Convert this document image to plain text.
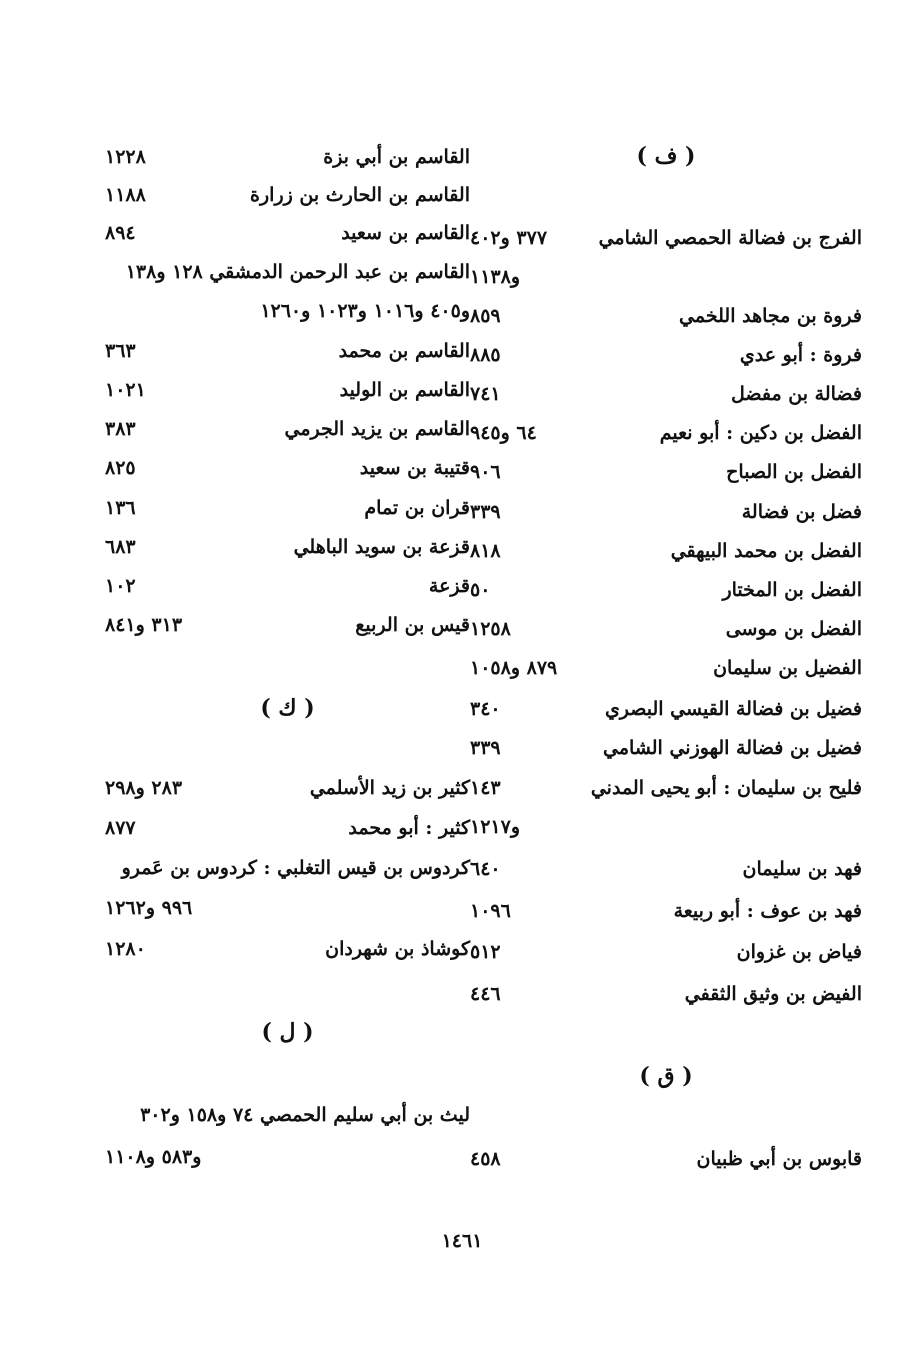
( ف )
الفرج بن فضالة الحمصي الشامي
٣٧٧ و٤٠٢
و١١٣٨
فروة بن مجاهد اللخمي
٨٥٩
فروة : أبو عدي
٨٨٥
فضالة بن مفضل
٧٤١
الفضل بن دكين : أبو نعيم
٦٤ و٩٤٥
الفضل بن الصباح
٩٠٦
فضل بن فضالة
٣٣٩
الفضل بن محمد البيهقي
٨١٨
الفضل بن المختار
٥٠
الفضل بن موسى
١٢٥٨
الفضيل بن سليمان
٨٧٩ و١٠٥٨
فضيل بن فضالة القيسي البصري
٣٤٠
فضيل بن فضالة الهوزني الشامي
٣٣٩
فليح بن سليمان : أبو يحيى المدني
١٤٣
و١٢١٧
فهد بن سليمان
٦٤٠
فهد بن عوف : أبو ربيعة
١٠٩٦
فياض بن غزوان
٥١٢
الفيض بن وثيق الثقفي
٤٤٦
( ق )
قابوس بن أبي ظبيان
٤٥٨
القاسم بن أبي بزة
١٢٢٨
القاسم بن الحارث بن زرارة
١١٨٨
القاسم بن سعيد
٨٩٤
القاسم بن عبد الرحمن الدمشقي ١٢٨ و١٣٨
و٤٠٥ و١٠١٦ و١٠٢٣ و١٢٦٠
القاسم بن محمد
٣٦٣
القاسم بن الوليد
١٠٢١
القاسم بن يزيد الجرمي
٣٨٣
قتيبة بن سعيد
٨٢٥
قران بن تمام
١٣٦
قزعة بن سويد الباهلي
٦٨٣
قزعة
١٠٢
قيس بن الربيع
٣١٣ و٨٤١
( ك )
كثير بن زيد الأسلمي
٢٨٣ و٢٩٨
كثير : أبو محمد
٨٧٧
كردوس بن قيس التغلبي : كردوس بن عَمرو
٩٩٦ و١٢٦٢
كوشاذ بن شهردان
١٢٨٠
( ل )
ليث بن أبي سليم الحمصي ٧٤ و١٥٨ و٣٠٢
و٥٨٣ و١١٠٨
١٤٦١
